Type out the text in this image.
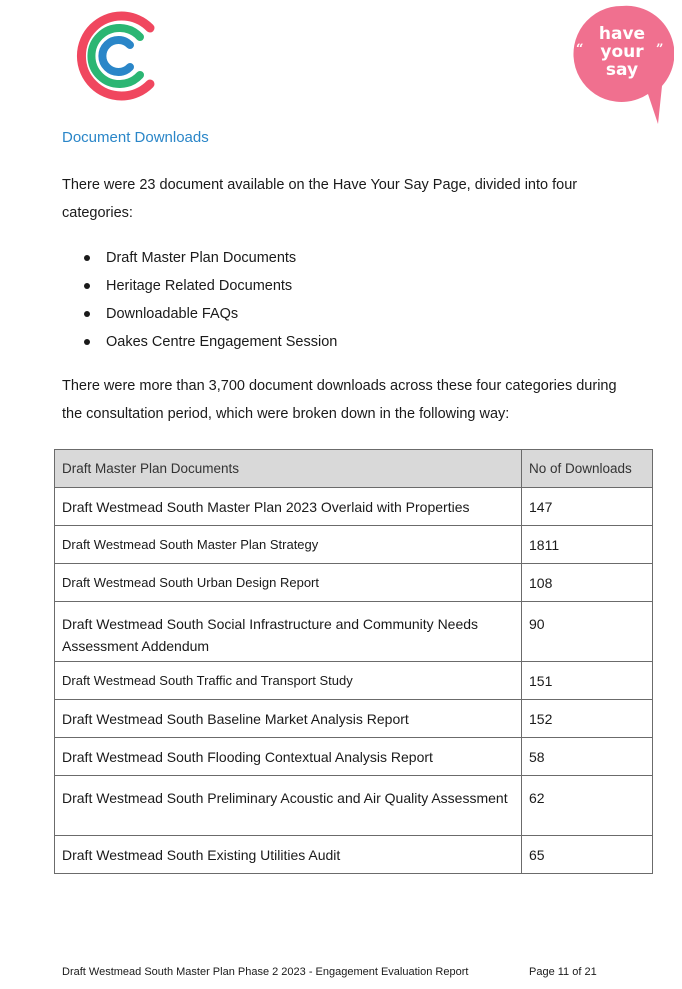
“	”
have
your
say
Document Downloads
There were 23 document available on the Have Your Say Page, divided into four categories:
Draft Master Plan Documents
Heritage Related Documents
Downloadable FAQs
Oakes Centre Engagement Session
There were more than 3,700 document downloads across these four categories during the consultation period, which were broken down in the following way:
Draft Master Plan Documents	No of Downloads
Draft Westmead South Master Plan 2023 Overlaid with Properties	147
Draft Westmead South Master Plan Strategy	1811
Draft Westmead South Urban Design Report	108
Draft Westmead South Social Infrastructure and Community Needs Assessment Addendum	90
Draft Westmead South Traffic and Transport Study	151
Draft Westmead South Baseline Market Analysis Report	152
Draft Westmead South Flooding Contextual Analysis Report	58
Draft Westmead South Preliminary Acoustic and Air Quality Assessment	62
Draft Westmead South Existing Utilities Audit	65
Draft Westmead South Master Plan Phase 2 2023 - Engagement Evaluation Report	Page 11 of 21
